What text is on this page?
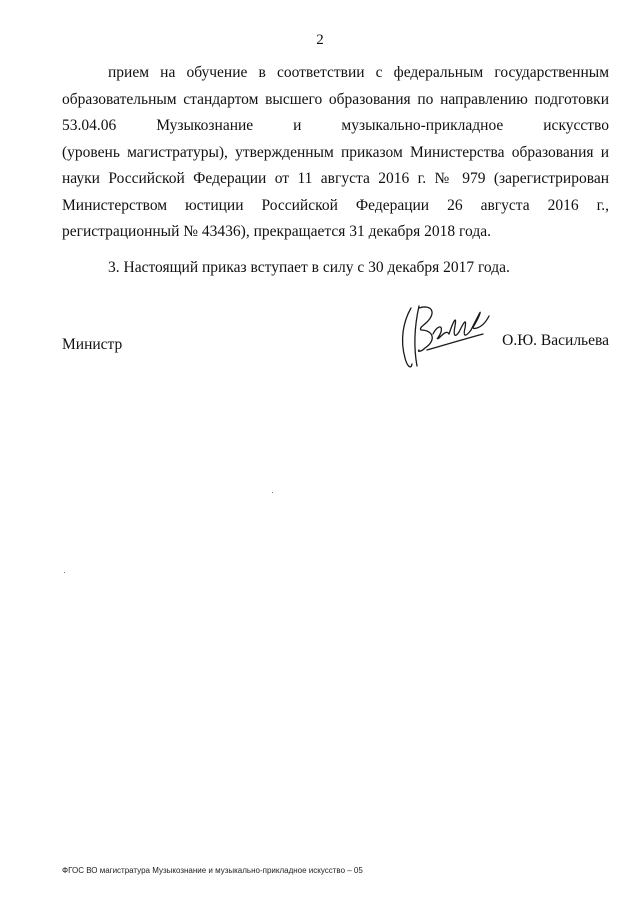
2

прием на обучение в соответствии с федеральным государственным
образовательным стандартом высшего образования по направлению подготовки
53.04.06 Музыкознание и музыкально-прикладное искусство
(уровень магистратуры), утвержденным приказом Министерства образования и
науки Российской Федерации от 11 августа 2016 г. № 979 (зарегистрирован
Министерством юстиции Российской Федерации 26 августа 2016 г.,
регистрационный № 43436), прекращается 31 декабря 2018 года.

3. Настоящий приказ вступает в силу с 30 декабря 2017 года.

Министр	О.Ю. Васильева
ФГОС ВО магистратура Музыкознание и музыкально-прикладное искусство – 05
